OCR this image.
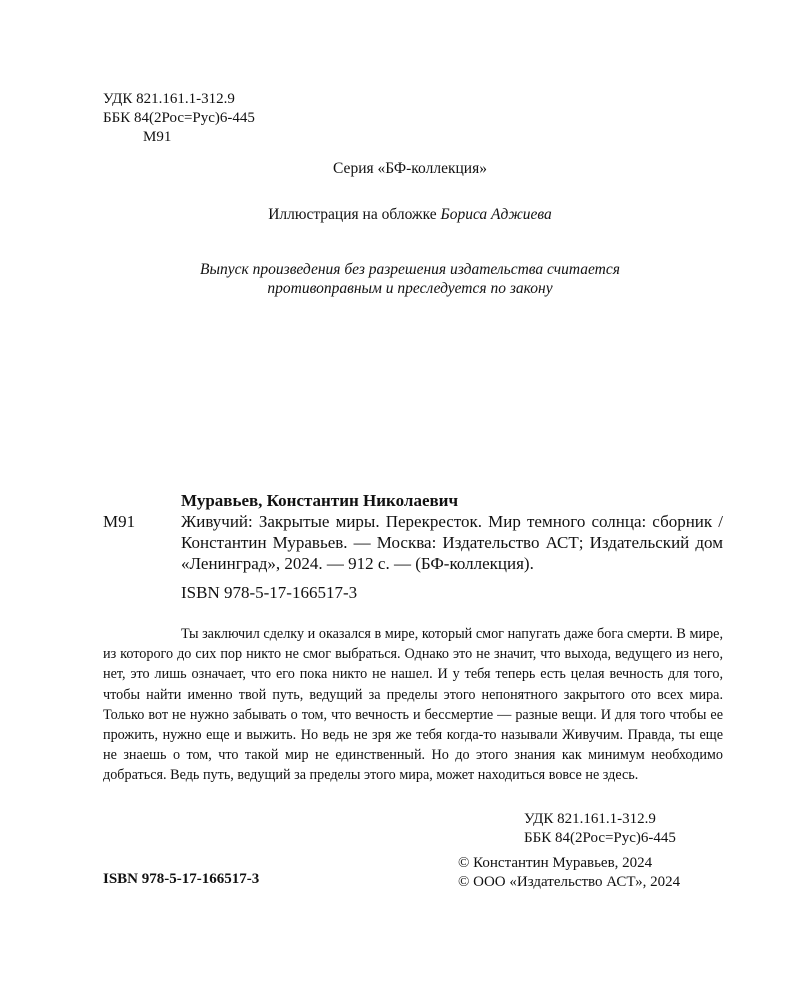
УДК 821.161.1-312.9
ББК 84(2Рос=Рус)6-445
М91
Серия «БФ-коллекция»
Иллюстрация на обложке Бориса Аджиева
Выпуск произведения без разрешения издательства считается
противоправным и преследуется по закону
Муравьев, Константин Николаевич
М91	Живучий: Закрытые миры. Перекресток. Мир темного солнца: сборник / Константин Муравьев. — Москва: Издательство АСТ; Издательский дом «Ленинград», 2024. — 912 с. — (БФ-коллекция).
ISBN 978-5-17-166517-3

Ты заключил сделку и оказался в мире, который смог напугать даже бога смерти. В мире, из которого до сих пор никто не смог выбраться. Однако это не значит, что выхода, ведущего из него, нет, это лишь означает, что его пока никто не нашел. И у тебя теперь есть целая вечность для того, чтобы найти именно твой путь, ведущий за пределы этого непонятного закрытого ото всех мира. Только вот не нужно забывать о том, что вечность и бессмертие — разные вещи. И для того чтобы ее прожить, нужно еще и выжить. Но ведь не зря же тебя когда-то называли Живучим. Правда, ты еще не знаешь о том, что такой мир не единственный. Но до этого знания как минимум необходимо добраться. Ведь путь, ведущий за пределы этого мира, может находиться вовсе не здесь.

УДК 821.161.1-312.9
ББК 84(2Рос=Рус)6-445
© Константин Муравьев, 2024
© ООО «Издательство АСТ», 2024
ISBN 978-5-17-166517-3
